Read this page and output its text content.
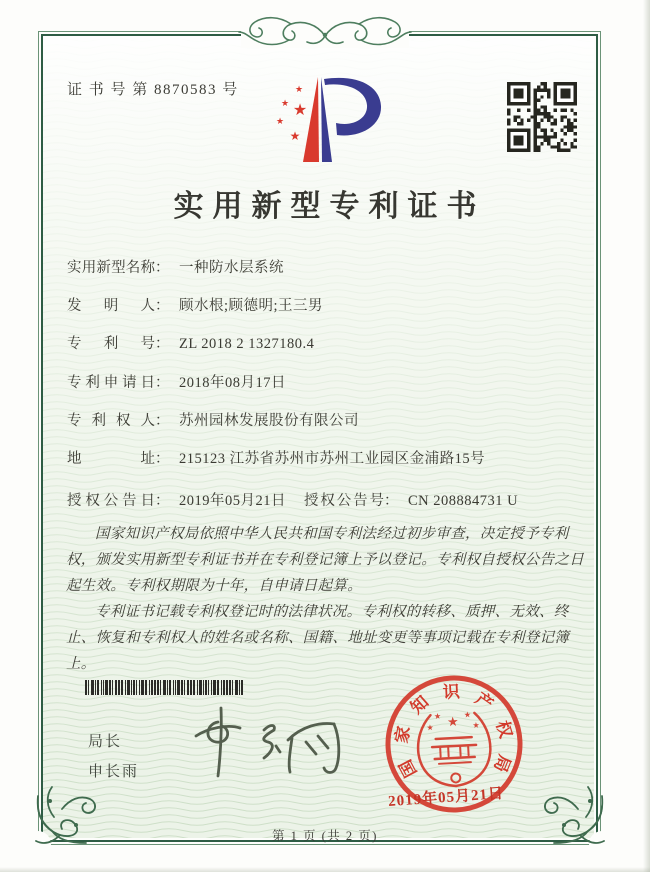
证 书 号 第 8870583 号	★
★ ★
★
★
实用新型专利证书
实用新型名称 ： 一种防水层系统
发明人 ： 顾水根;顾德明;王三男
专利号 ： ZL 2018 2 1327180.4
专利申请日 ： 2018年08月17日
专利权人 ： 苏州园林发展股份有限公司
地址 ： 215123 江苏省苏州市苏州工业园区金浦路15号
授权公告日 ： 2019年05月21日 授权公告号 ： CN 208884731 U

国家知识产权局依照中华人民共和国专利法经过初步审查，决定授予专利权，颁发实用新型专利证书并在专利登记簿上予以登记。专利权自授权公告之日起生效。专利权期限为十年，自申请日起算。

专利证书记载专利权登记时的法律状况。专利权的转移、质押、无效、终止、恢复和专利权人的姓名或名称、国籍、地址变更等事项记载在专利登记簿上。

局长
申长雨
★
★	★
★	★
国
家
知
识 产
权
局
2019年05月21日
第 1 页 (共 2 页)
